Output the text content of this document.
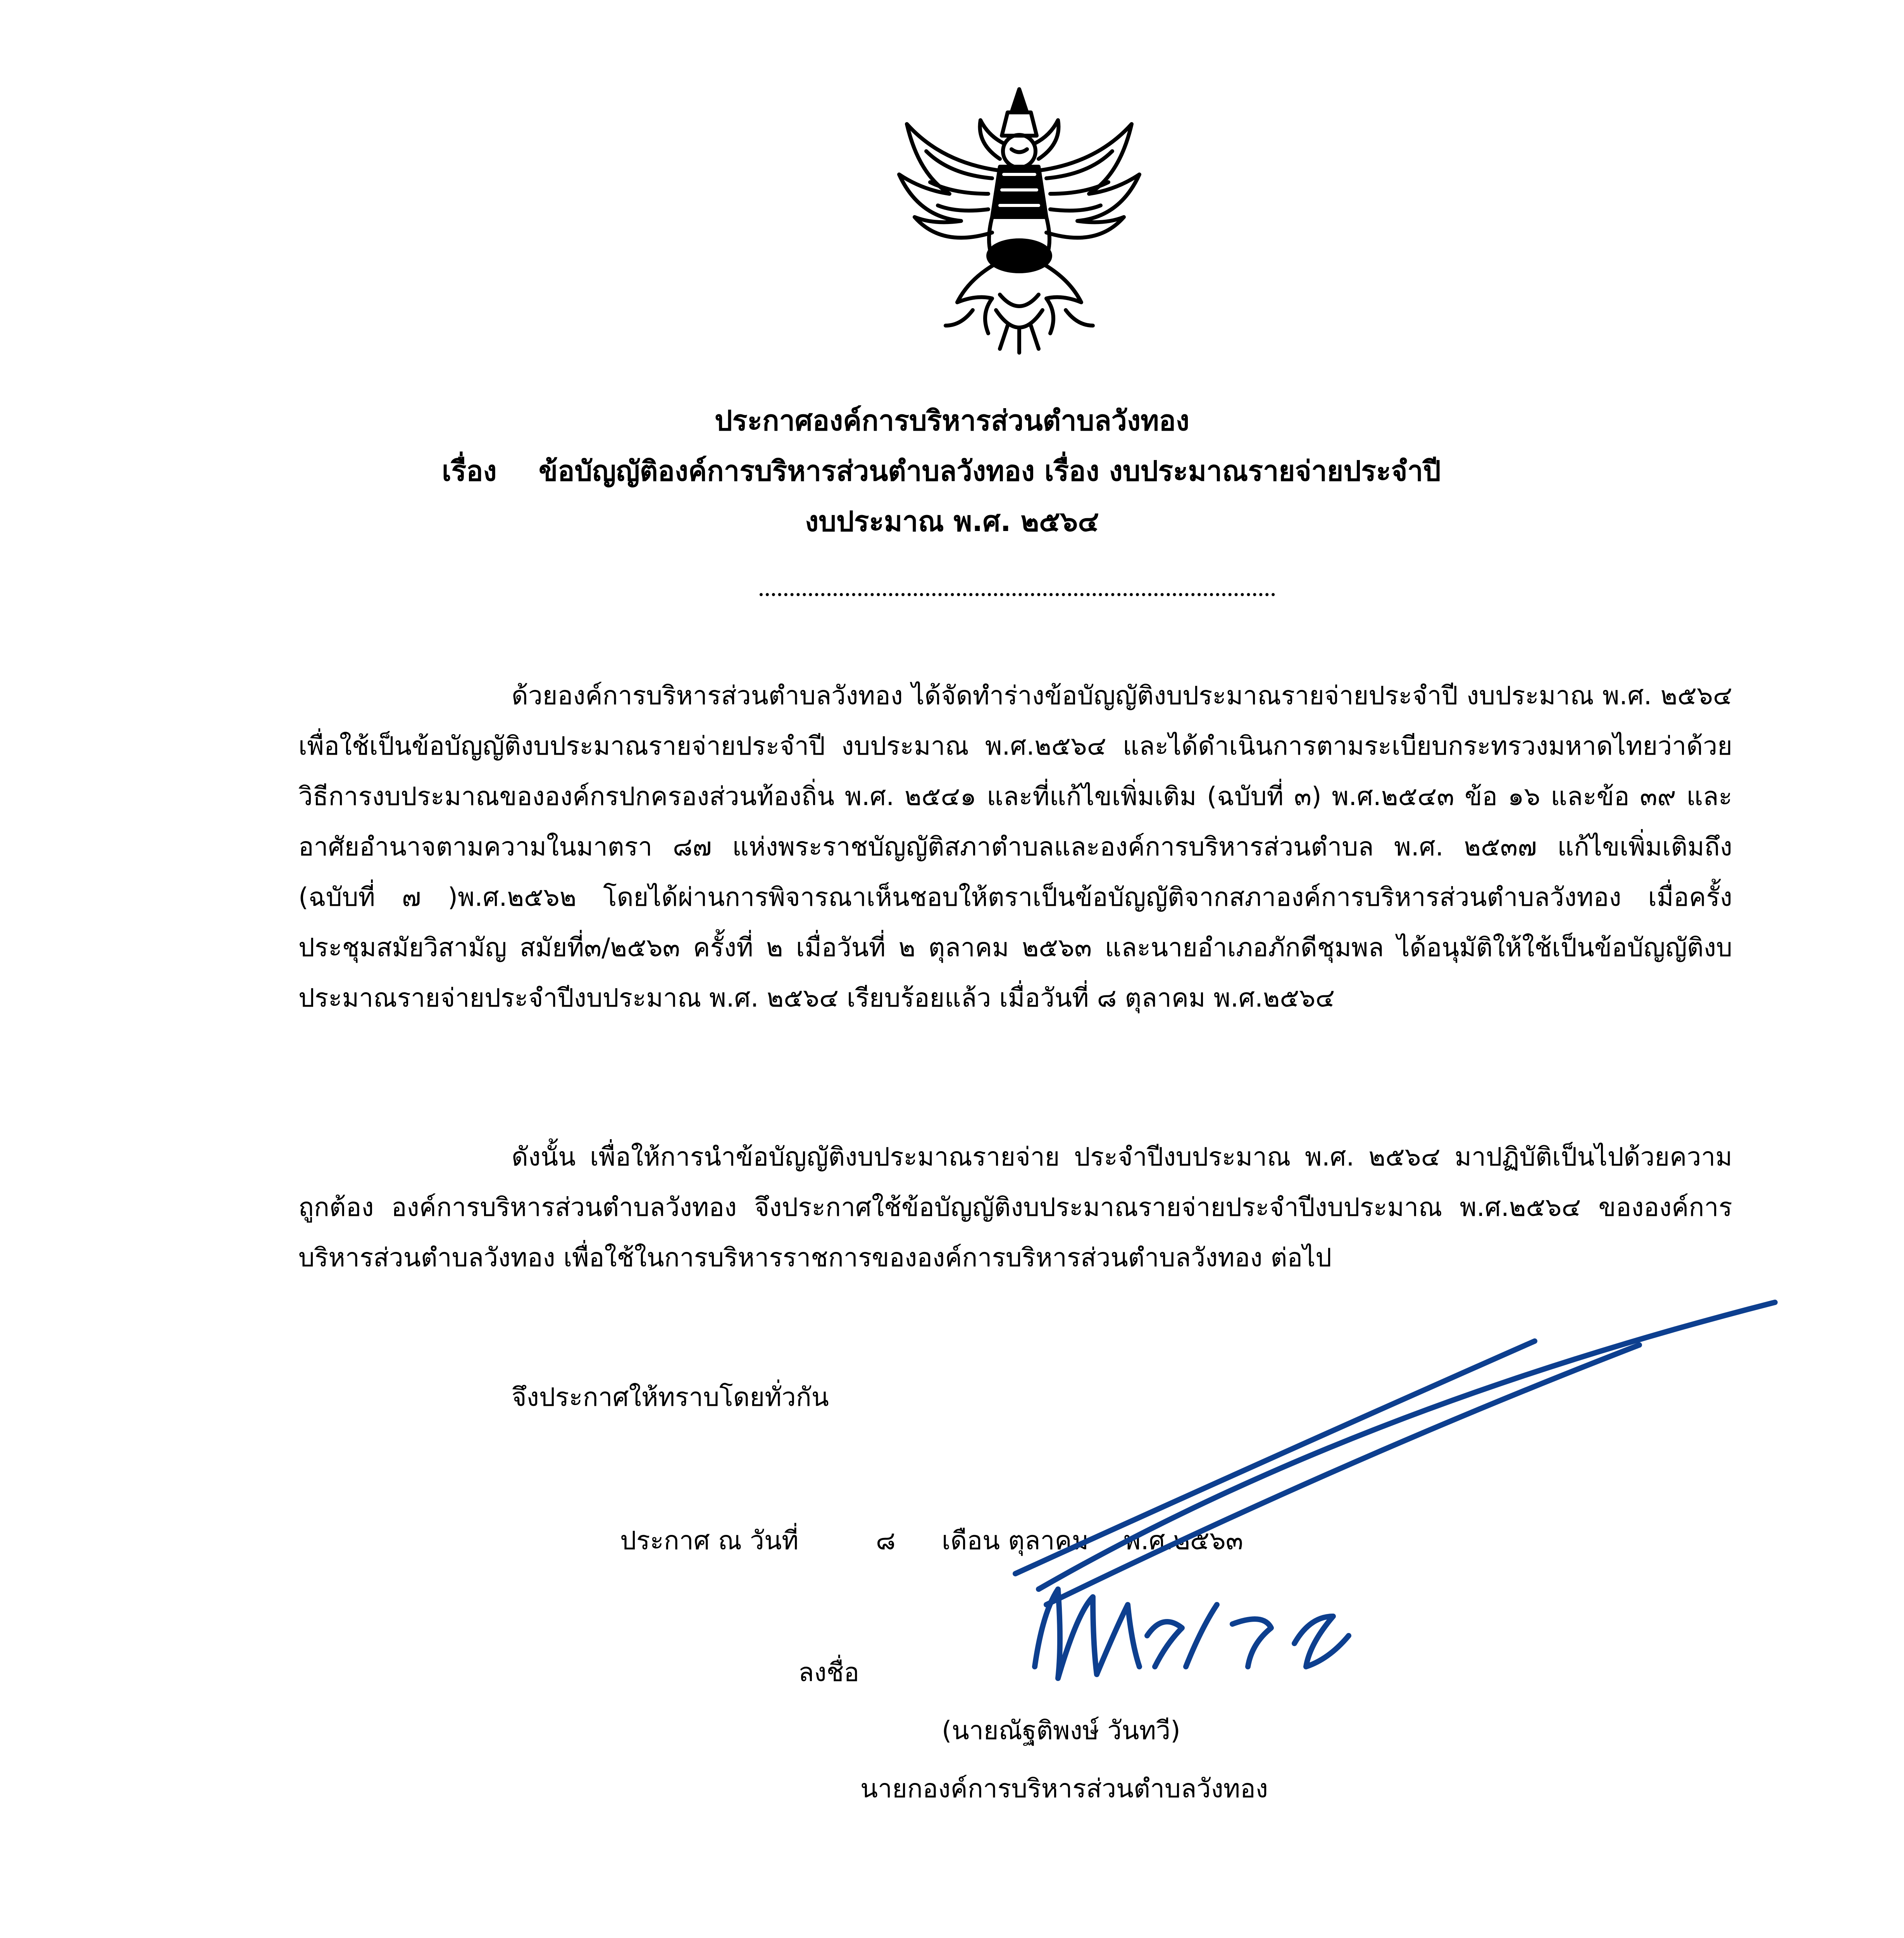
ประกาศองค์การบริหารส่วนตำบลวังทอง
เรื่อง ข้อบัญญัติองค์การบริหารส่วนตำบลวังทอง เรื่อง งบประมาณรายจ่ายประจำปี
งบประมาณ พ.ศ. ๒๕๖๔
ด้วยองค์การบริหารส่วนตำบลวังทอง ได้จัดทำร่างข้อบัญญัติงบประมาณรายจ่ายประจำปี งบประมาณ พ.ศ. ๒๕๖๔ เพื่อใช้เป็นข้อบัญญัติงบประมาณรายจ่ายประจำปี งบประมาณ พ.ศ.๒๕๖๔ และได้ดำเนินการตามระเบียบกระทรวงมหาดไทยว่าด้วยวิธีการงบประมาณขององค์กรปกครองส่วนท้องถิ่น พ.ศ. ๒๕๔๑ และที่แก้ไขเพิ่มเติม (ฉบับที่ ๓) พ.ศ.๒๕๔๓ ข้อ ๑๖ และข้อ ๓๙ และอาศัยอำนาจตามความในมาตรา ๘๗ แห่งพระราชบัญญัติสภาตำบลและองค์การบริหารส่วนตำบล พ.ศ. ๒๕๓๗ แก้ไขเพิ่มเติมถึง (ฉบับที่ ๗ )พ.ศ.๒๕๖๒ โดยได้ผ่านการพิจารณาเห็นชอบให้ตราเป็นข้อบัญญัติจากสภาองค์การบริหารส่วนตำบลวังทอง เมื่อครั้งประชุมสมัยวิสามัญ สมัยที่๓/๒๕๖๓ ครั้งที่ ๒ เมื่อวันที่ ๒ ตุลาคม ๒๕๖๓ และนายอำเภอภักดีชุมพล ได้อนุมัติให้ใช้เป็นข้อบัญญัติงบประมาณรายจ่ายประจำปีงบประมาณ พ.ศ. ๒๕๖๔ เรียบร้อยแล้ว เมื่อวันที่ ๘ ตุลาคม พ.ศ.๒๕๖๔
ดังนั้น เพื่อให้การนำข้อบัญญัติงบประมาณรายจ่าย ประจำปีงบประมาณ พ.ศ. ๒๕๖๔ มาปฏิบัติเป็นไปด้วยความถูกต้อง องค์การบริหารส่วนตำบลวังทอง จึงประกาศใช้ข้อบัญญัติงบประมาณรายจ่ายประจำปีงบประมาณ พ.ศ.๒๕๖๔ ขององค์การบริหารส่วนตำบลวังทอง เพื่อใช้ในการบริหารราชการขององค์การบริหารส่วนตำบลวังทอง ต่อไป
จึงประกาศให้ทราบโดยทั่วกัน
ประกาศ ณ วันที่	๘ เดือน ตุลาคม พ.ศ.๒๕๖๓
ลงชื่อ
(นายณัฐติพงษ์ วันทวี)
นายกองค์การบริหารส่วนตำบลวังทอง
